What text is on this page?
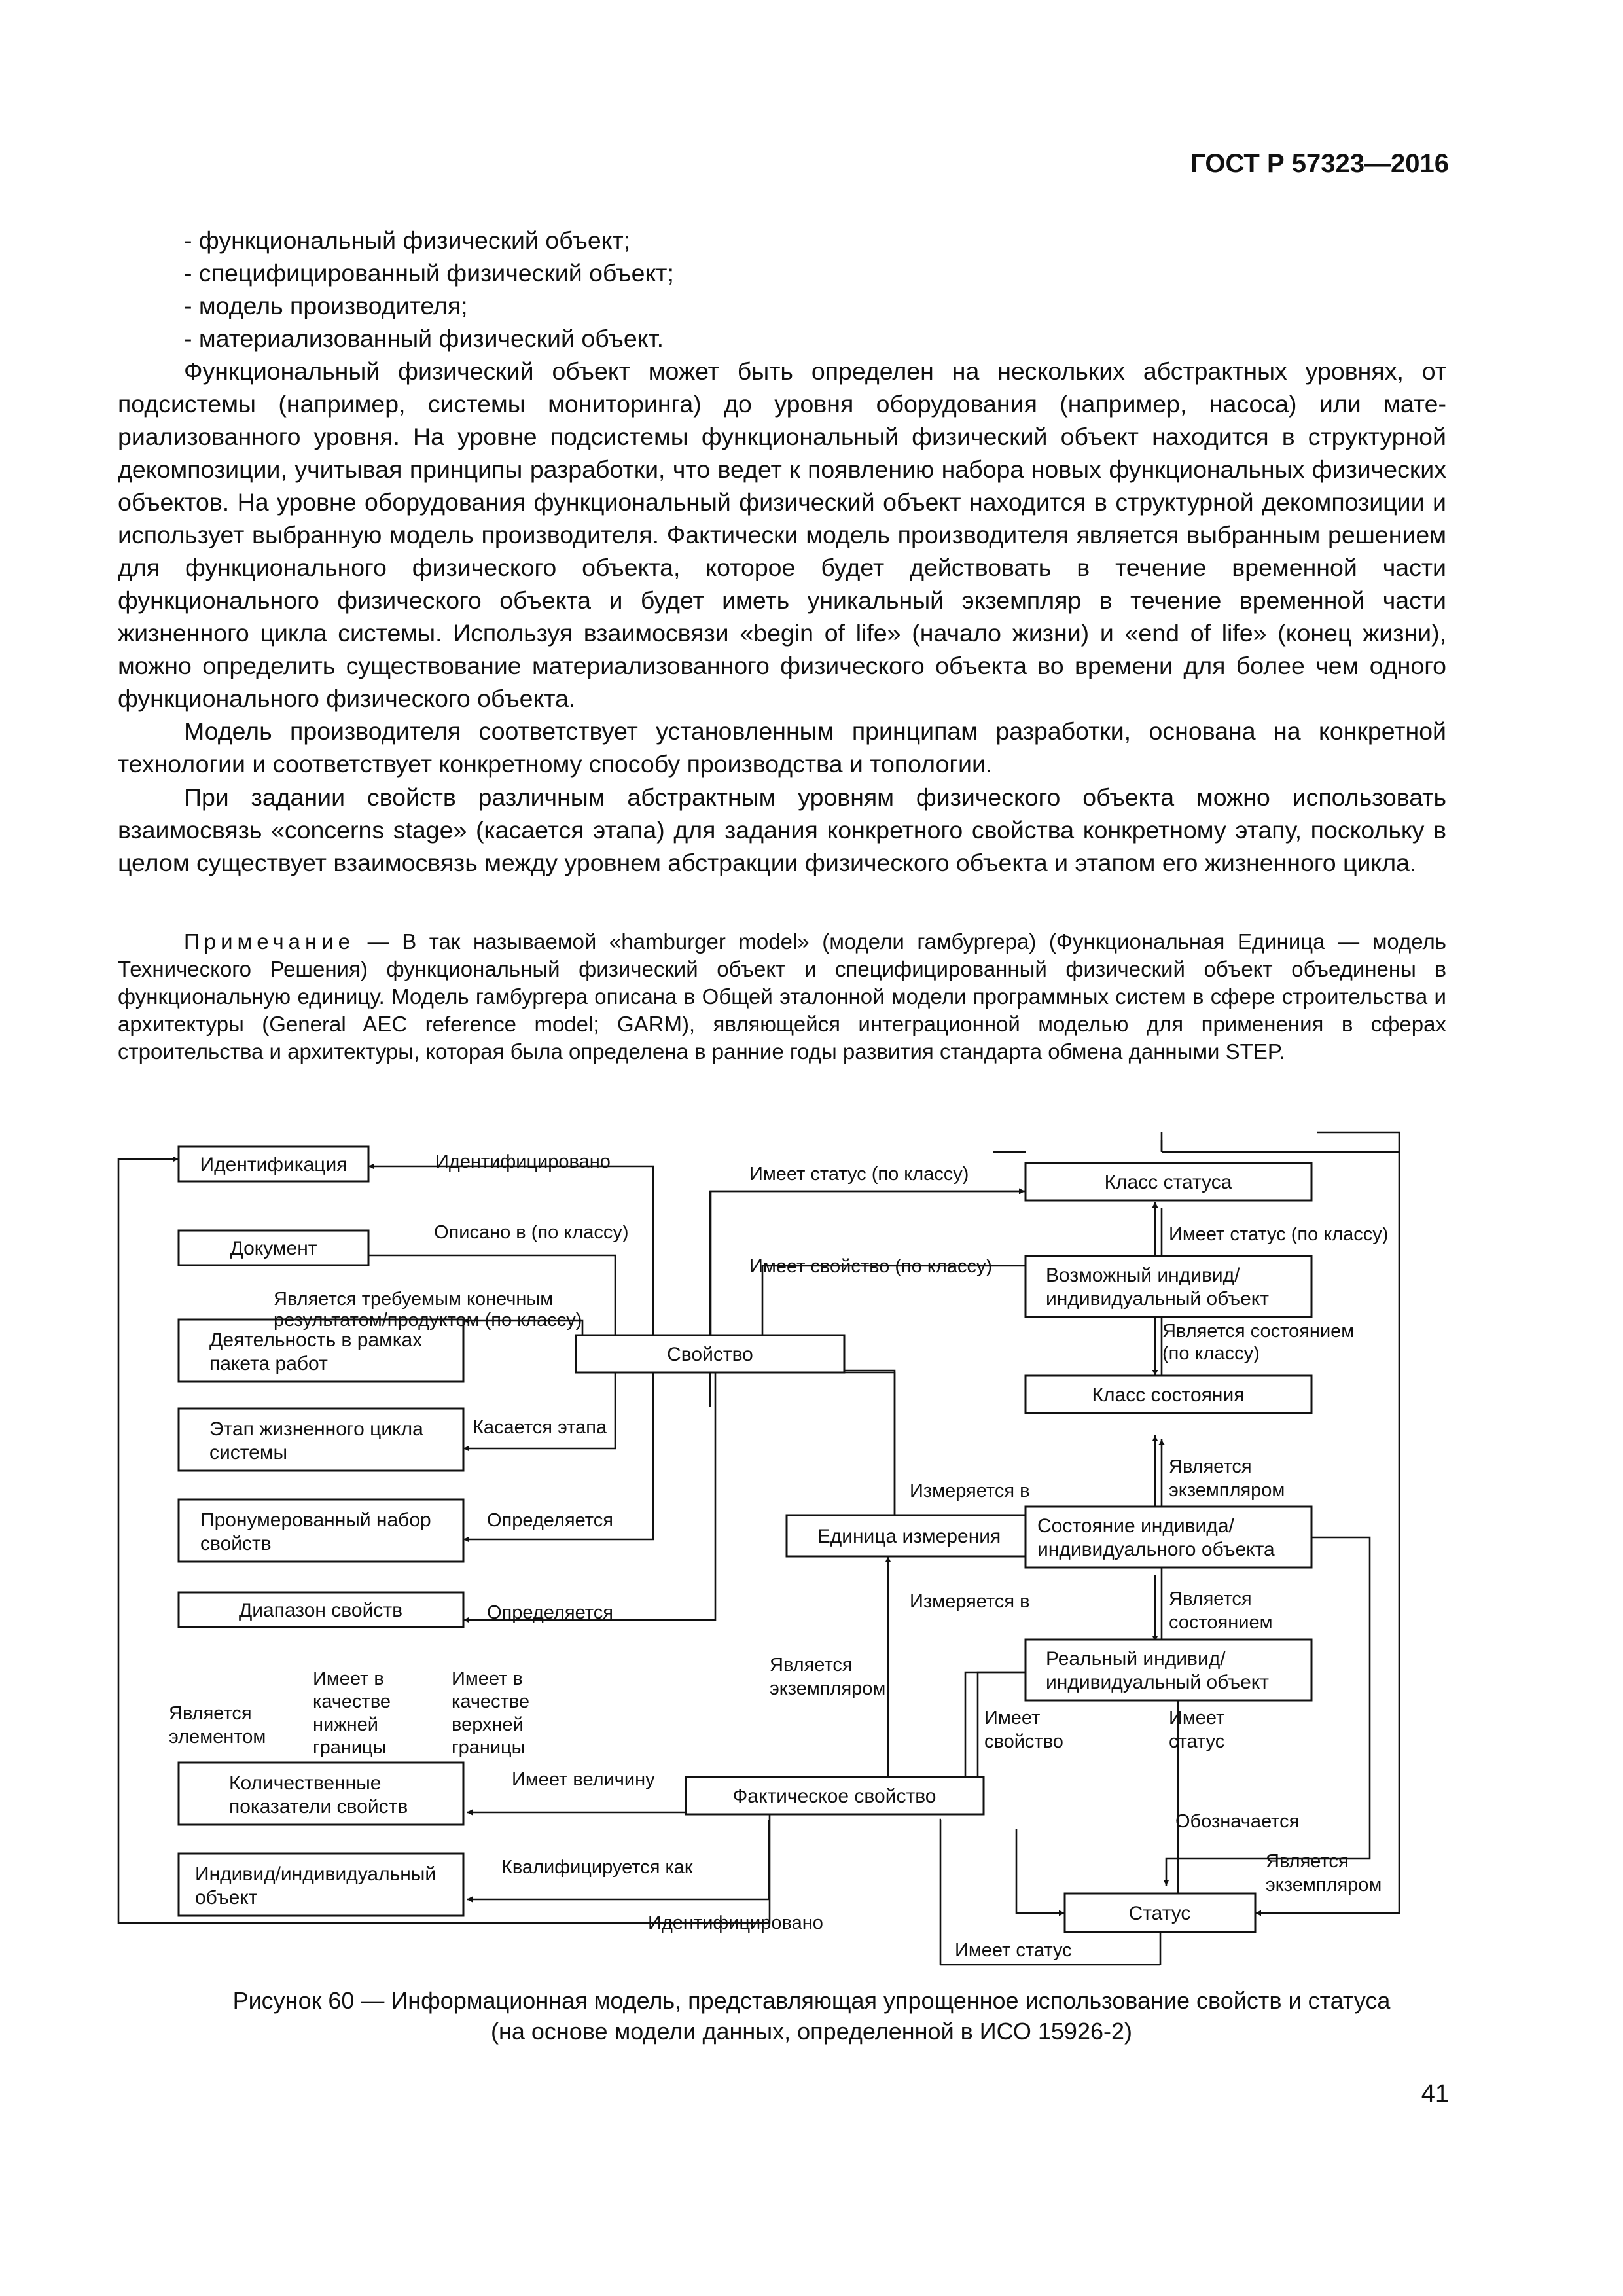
ГОСТ Р 57323—2016
- функциональный физический объект;
- специфицированный физический объект;
- модель производителя;
- материализованный физический объект.

Функциональный физический объект может быть определен на нескольких абстрактных уровнях, от подсистемы (например, системы мониторинга) до уровня оборудования (например, насоса) или материализованного уровня. На уровне подсистемы функциональный физический объект находится в структурной декомпозиции, учитывая принципы разработки, что ведет к появлению набора новых функциональных физических объектов. На уровне оборудования функциональный физический объект находится в структурной декомпозиции и использует выбранную модель производителя. Фактически модель производителя является выбранным решением для функционального физического объекта, которое будет действовать в течение временной части функционального физического объекта и будет иметь уникальный экземпляр в течение временной части жизненного цикла системы. Используя взаимосвязи «begin of life» (начало жизни) и «end of life» (конец жизни), можно определить существование материализованного физического объекта во времени для более чем одного функционального физического объекта.

Модель производителя соответствует установленным принципам разработки, основана на конкретной технологии и соответствует конкретному способу производства и топологии.

При задании свойств различным абстрактным уровням физического объекта можно использовать взаимосвязь «concerns stage» (касается этапа) для задания конкретного свойства конкретному этапу, поскольку в целом существует взаимосвязь между уровнем абстракции физического объекта и этапом его жизненного цикла.

Примечание — В так называемой «hamburger model» (модели гамбургера) (Функциональная Единица — модель Технического Решения) функциональный физический объект и специфицированный физический объект объединены в функциональную единицу. Модель гамбургера описана в Общей эталонной модели программных систем в сфере строительства и архитектуры (General AEC reference model; GARM), являющейся интеграционной моделью для применения в сферах строительства и архитектуры, которая была определена в ранние годы развития стандарта обмена данными STEP.

Идентификация
Документ
Деятельность в рамках
пакета работ
Этап жизненного цикла
системы
Пронумерованный набор
свойств
Диапазон свойств
Количественные
показатели свойств
Индивид/индивидуальный
объект
Свойство
Единица измерения
Фактическое свойство
Класс статуса
Возможный индивид/
индивидуальный объект
Класс состояния
Состояние индивида/
индивидуального объекта
Реальный индивид/
индивидуальный объект
Статус
Идентифицировано
Описано в (по классу)
Является требуемым конечным
результатом/продуктом (по классу)
Касается этапа
Определяется
Определяется
Имеет статус (по классу)
Имеет свойство (по классу)
Имеет статус (по классу)
Является состоянием
(по классу)
Измеряется в
Измеряется в
Является
экземпляром
Является
экземпляром
Является
состоянием
Является
элементом
Имеет в
качестве
нижней
границы
Имеет в
качестве
верхней
границы
Имеет величину
Квалифицируется как
Идентифицировано
Имеет
свойство
Имеет
статус
Обозначается
Является
экземпляром
Имеет статус
Рисунок 60 — Информационная модель, представляющая упрощенное использование свойств и статуса
(на основе модели данных, определенной в ИСО 15926-2)
41
